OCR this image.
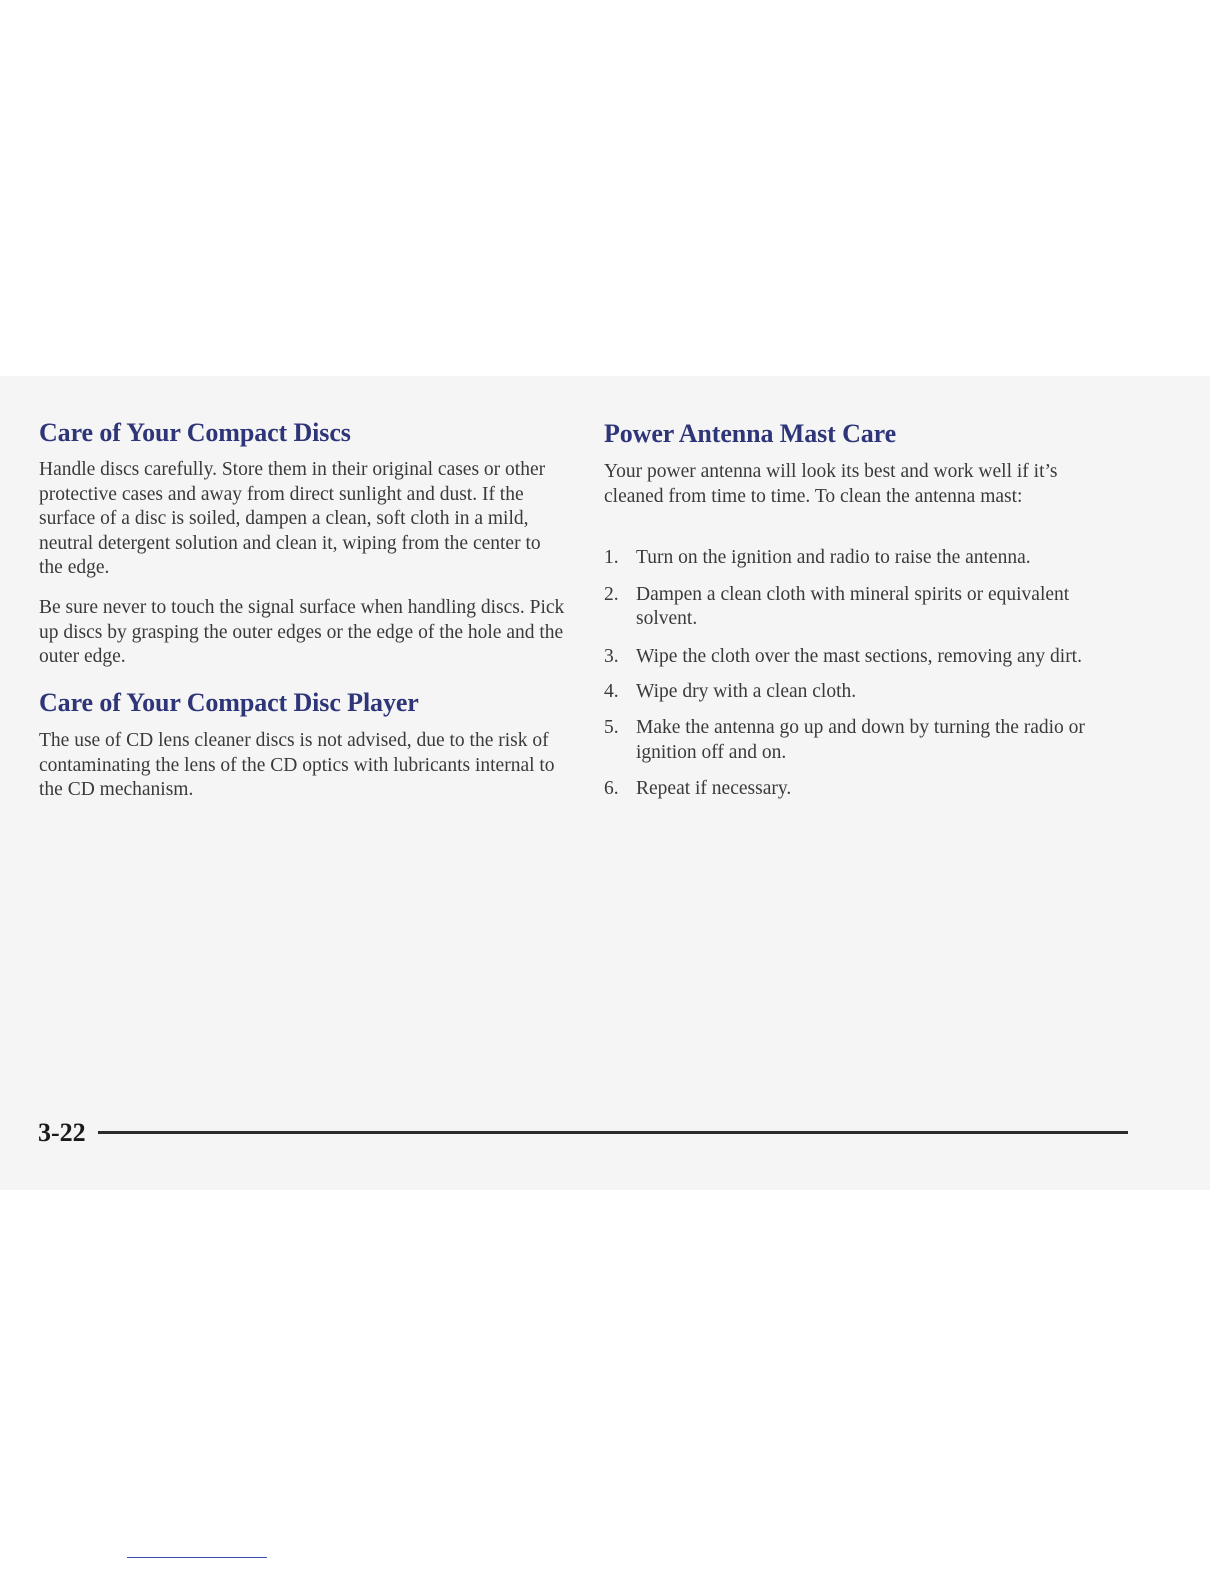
Care of Your Compact Discs

Handle discs carefully. Store them in their original cases or other protective cases and away from direct sunlight and dust. If the surface of a disc is soiled, dampen a clean, soft cloth in a mild, neutral detergent solution and clean it, wiping from the center to the edge.

Be sure never to touch the signal surface when handling discs. Pick up discs by grasping the outer edges or the edge of the hole and the outer edge.

Care of Your Compact Disc Player

The use of CD lens cleaner discs is not advised, due to the risk of contaminating the lens of the CD optics with lubricants internal to the CD mechanism.

Power Antenna Mast Care

Your power antenna will look its best and work well if it’s cleaned from time to time. To clean the antenna mast:

1. Turn on the ignition and radio to raise the antenna.
2. Dampen a clean cloth with mineral spirits or equivalent solvent.
3. Wipe the cloth over the mast sections, removing any dirt.
4. Wipe dry with a clean cloth.
5. Make the antenna go up and down by turning the radio or ignition off and on.
6. Repeat if necessary.
3-22
